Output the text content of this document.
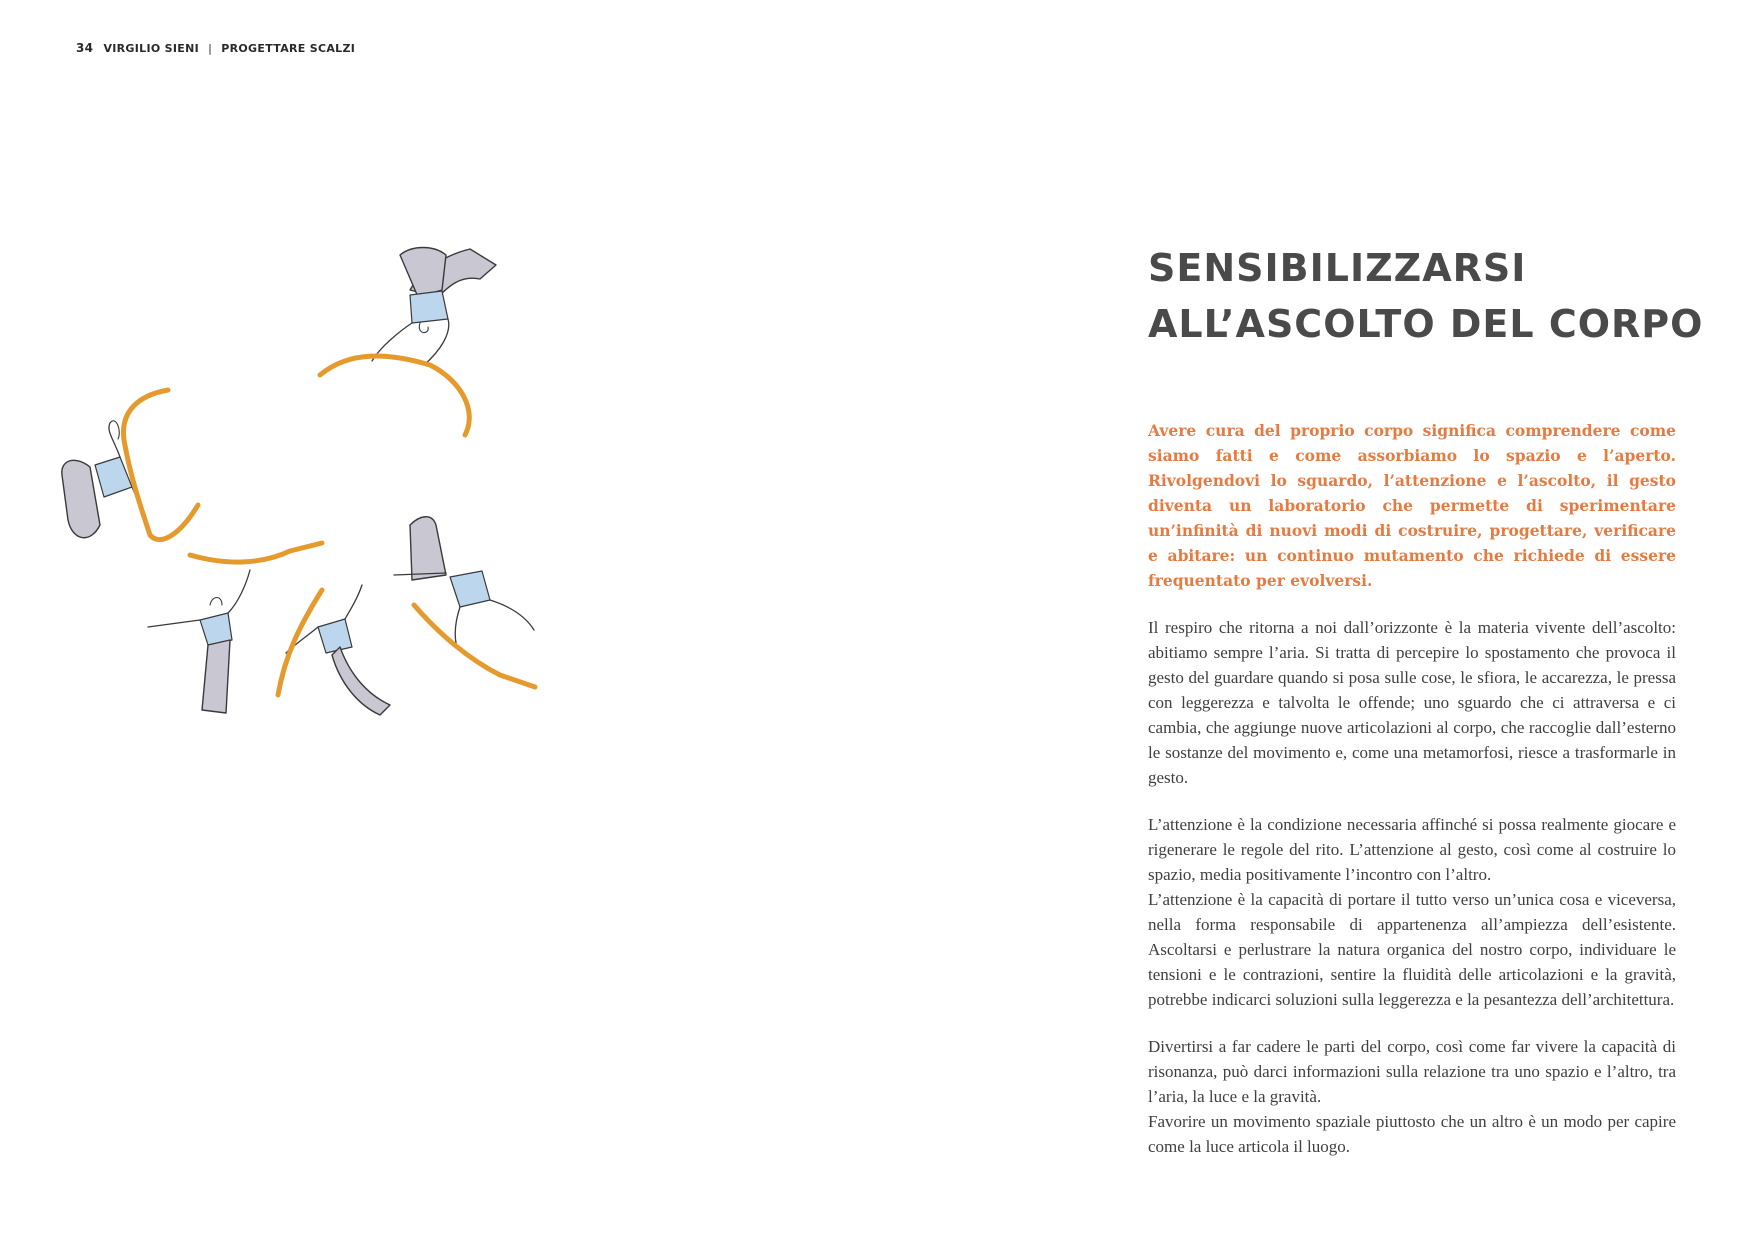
34 VIRGILIO SIENI | PROGETTARE SCALZI
SENSIBILIZZARSI
ALL’ASCOLTO DEL CORPO

Avere cura del proprio corpo significa comprendere come siamo fatti e come assorbiamo lo spazio e l’aperto. Rivolgendovi lo sguardo, l’attenzione e l’ascolto, il gesto diventa un laboratorio che permette di sperimentare un’infinità di nuovi modi di costruire, progettare, verificare e abitare: un continuo mutamento che richiede di essere frequentato per evolversi.

Il respiro che ritorna a noi dall’orizzonte è la materia vivente dell’ascolto: abitiamo sempre l’aria. Si tratta di percepire lo spostamento che provoca il gesto del guardare quando si posa sulle cose, le sfiora, le accarezza, le pressa con leggerezza e talvolta le offende; uno sguardo che ci attraversa e ci cambia, che aggiunge nuove articolazioni al corpo, che raccoglie dall’esterno le sostanze del movimento e, come una metamorfosi, riesce a trasformarle in gesto.

L’attenzione è la condizione necessaria affinché si possa realmente giocare e rigenerare le regole del rito. L’attenzione al gesto, così come al costruire lo spazio, media positivamente l’incontro con l’altro.
L’attenzione è la capacità di portare il tutto verso un’unica cosa e viceversa, nella forma responsabile di appartenenza all’ampiezza dell’esistente. Ascoltarsi e perlustrare la natura organica del nostro corpo, individuare le tensioni e le contrazioni, sentire la fluidità delle articolazioni e la gravità, potrebbe indicarci soluzioni sulla leggerezza e la pesantezza dell’architettura.

Divertirsi a far cadere le parti del corpo, così come far vivere la capacità di risonanza, può darci informazioni sulla relazione tra uno spazio e l’altro, tra l’aria, la luce e la gravità.
Favorire un movimento spaziale piuttosto che un altro è un modo per capire come la luce articola il luogo.
